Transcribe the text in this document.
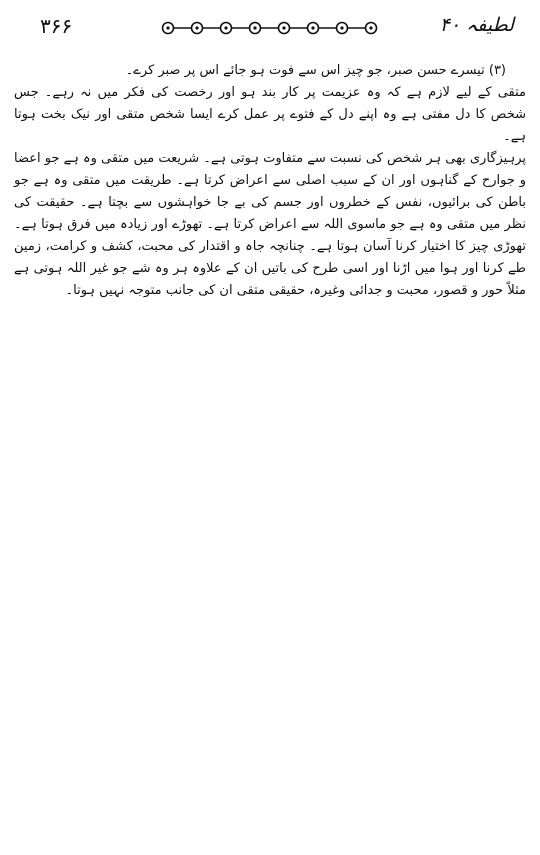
۳۶۶	لطیفہ ۴۰

(۳) تیسرے حسن صبر، جو چیز اس سے فوت ہو جائے اس پر صبر کرے۔

متقی کے لیے لازم ہے کہ وہ عزیمت پر کار بند ہو اور رخصت کی فکر میں نہ رہے۔ جس شخص کا دل مفتی ہے وہ اپنے دل کے فتوے پر عمل کرے ایسا شخص متقی اور نیک بخت ہوتا ہے۔

پرہیزگاری بھی ہر شخص کی نسبت سے متفاوت ہوتی ہے۔ شریعت میں متقی وہ ہے جو اعضا و جوارح کے گناہوں اور ان کے سبب اصلی سے اعراض کرتا ہے۔ طریقت میں متقی وہ ہے جو باطن کی برائیوں، نفس کے خطروں اور جسم کی بے جا خواہشوں سے بچتا ہے۔ حقیقت کی نظر میں متقی وہ ہے جو ماسوی اللہ سے اعراض کرتا ہے۔ تھوڑے اور زیادہ میں فرق ہوتا ہے۔ تھوڑی چیز کا اختیار کرنا آسان ہوتا ہے۔ چنانچہ جاہ و اقتدار کی محبت، کشف و کرامت، زمین طے کرنا اور ہوا میں اڑنا اور اسی طرح کی باتیں ان کے علاوہ ہر وہ شے جو غیر اللہ ہوتی ہے مثلاً حور و قصور، محبت و جدائی وغیرہ، حقیقی متقی ان کی جانب متوجہ نہیں ہوتا۔
